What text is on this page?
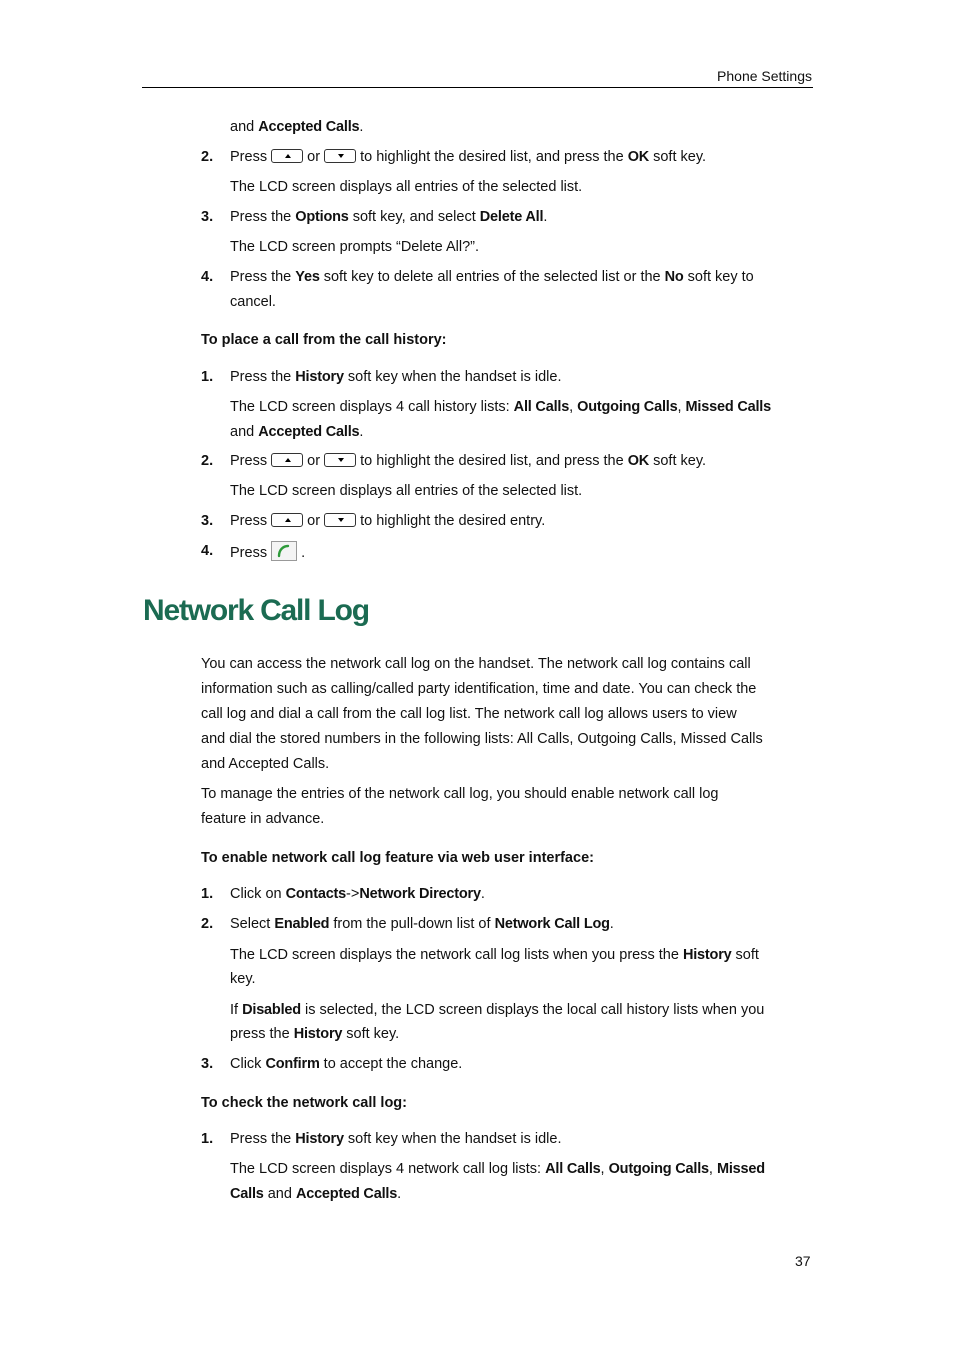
Phone Settings
and Accepted Calls.
2. Press	or	to highlight the desired list, and press the OK soft key.
The LCD screen displays all entries of the selected list.
3. Press the Options soft key, and select Delete All.
The LCD screen prompts “Delete All?”.
4. Press the Yes soft key to delete all entries of the selected list or the No soft key to
cancel.
To place a call from the call history:
1. Press the History soft key when the handset is idle.
The LCD screen displays 4 call history lists: All Calls, Outgoing Calls, Missed Calls
and Accepted Calls.
2. Press	or	to highlight the desired list, and press the OK soft key.
The LCD screen displays all entries of the selected list.
3. Press	or	to highlight the desired entry.
4. Press .
Network Call Log
You can access the network call log on the handset. The network call log contains call
information such as calling/called party identification, time and date. You can check the
call log and dial a call from the call log list. The network call log allows users to view
and dial the stored numbers in the following lists: All Calls, Outgoing Calls, Missed Calls
and Accepted Calls.
To manage the entries of the network call log, you should enable network call log
feature in advance.
To enable network call log feature via web user interface:
1. Click on Contacts->Network Directory.
2. Select Enabled from the pull-down list of Network Call Log.
The LCD screen displays the network call log lists when you press the History soft
key.
If Disabled is selected, the LCD screen displays the local call history lists when you
press the History soft key.
3. Click Confirm to accept the change.
To check the network call log:
1. Press the History soft key when the handset is idle.
The LCD screen displays 4 network call log lists: All Calls, Outgoing Calls, Missed
Calls and Accepted Calls.
37
